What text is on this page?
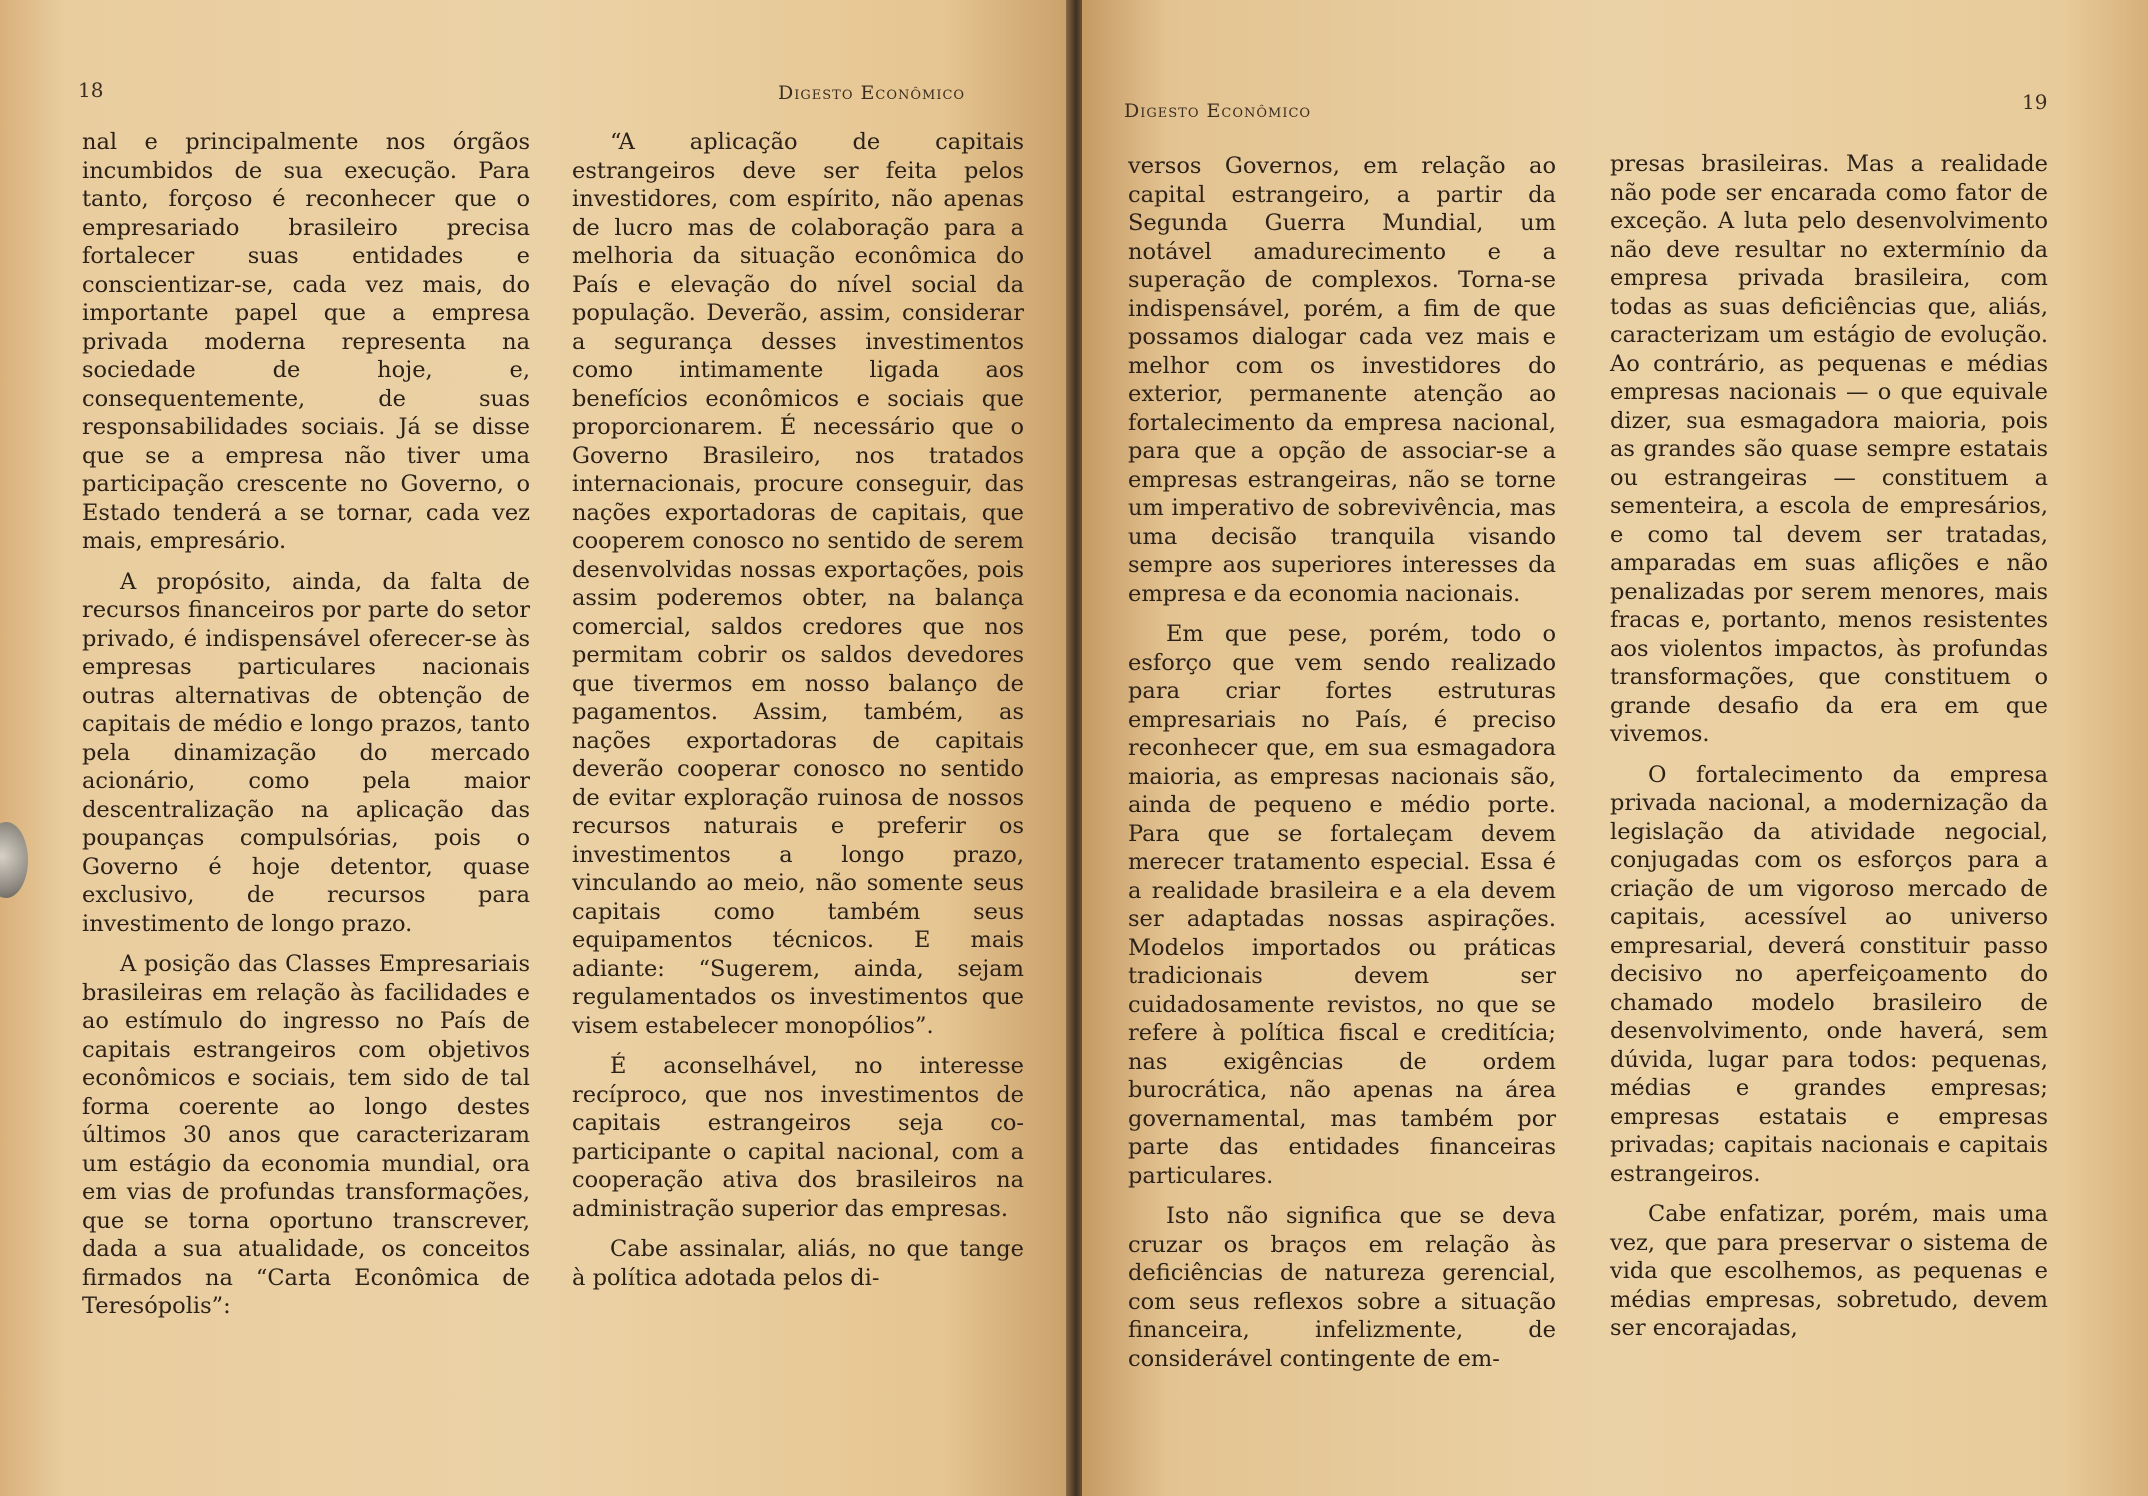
18	Digesto Econômico

nal e principalmente nos órgãos incumbidos de sua execução. Para tanto, forçoso é reconhecer que o empresariado brasileiro precisa fortalecer suas entidades e conscientizar-se, cada vez mais, do importante papel que a empresa privada moderna representa na sociedade de hoje, e, consequentemente, de suas responsabilidades sociais. Já se disse que se a empresa não tiver uma participação crescente no Governo, o Estado tenderá a se tornar, cada vez mais, empresário.

A propósito, ainda, da falta de recursos financeiros por parte do setor privado, é indispensável oferecer-se às empresas particulares nacionais outras alternativas de obtenção de capitais de médio e longo prazos, tanto pela dinamização do mercado acionário, como pela maior descentralização na aplicação das poupanças compulsórias, pois o Governo é hoje detentor, quase exclusivo, de recursos para investimento de longo prazo.

A posição das Classes Empresariais brasileiras em relação às facilidades e ao estímulo do ingresso no País de capitais estrangeiros com objetivos econômicos e sociais, tem sido de tal forma coerente ao longo destes últimos 30 anos que caracterizaram um estágio da economia mundial, ora em vias de profundas transformações, que se torna oportuno transcrever, dada a sua atualidade, os conceitos firmados na “Carta Econômica de Teresópolis”:

“A aplicação de capitais estrangeiros deve ser feita pelos investidores, com espírito, não apenas de lucro mas de colaboração para a melhoria da situação econômica do País e elevação do nível social da população. Deverão, assim, considerar a segurança desses investimentos como intimamente ligada aos benefícios econômicos e sociais que proporcionarem. É necessário que o Governo Brasileiro, nos tratados internacionais, procure conseguir, das nações exportadoras de capitais, que cooperem conosco no sentido de serem desenvolvidas nossas exportações, pois assim poderemos obter, na balança comercial, saldos credores que nos permitam cobrir os saldos devedores que tivermos em nosso balanço de pagamentos. Assim, também, as nações exportadoras de capitais deverão cooperar conosco no sentido de evitar exploração ruinosa de nossos recursos naturais e preferir os investimentos a longo prazo, vinculando ao meio, não somente seus capitais como também seus equipamentos técnicos. E mais adiante: “Sugerem, ainda, sejam regulamentados os investimentos que visem estabelecer monopólios”.

É aconselhável, no interesse recíproco, que nos investimentos de capitais estrangeiros seja co-participante o capital nacional, com a cooperação ativa dos brasileiros na administração superior das empresas.

Cabe assinalar, aliás, no que tange à política adotada pelos di-

Digesto Econômico	19

versos Governos, em relação ao capital estrangeiro, a partir da Segunda Guerra Mundial, um notável amadurecimento e a superação de complexos. Torna-se indispensável, porém, a fim de que possamos dialogar cada vez mais e melhor com os investidores do exterior, permanente atenção ao fortalecimento da empresa nacional, para que a opção de associar-se a empresas estrangeiras, não se torne um imperativo de sobrevivência, mas uma decisão tranquila visando sempre aos superiores interesses da empresa e da economia nacionais.

Em que pese, porém, todo o esforço que vem sendo realizado para criar fortes estruturas empresariais no País, é preciso reconhecer que, em sua esmagadora maioria, as empresas nacionais são, ainda de pequeno e médio porte. Para que se fortaleçam devem merecer tratamento especial. Essa é a realidade brasileira e a ela devem ser adaptadas nossas aspirações. Modelos importados ou práticas tradicionais devem ser cuidadosamente revistos, no que se refere à política fiscal e creditícia; nas exigências de ordem burocrática, não apenas na área governamental, mas também por parte das entidades financeiras particulares.

Isto não significa que se deva cruzar os braços em relação às deficiências de natureza gerencial, com seus reflexos sobre a situação financeira, infelizmente, de considerável contingente de em-

presas brasileiras. Mas a realidade não pode ser encarada como fator de exceção. A luta pelo desenvolvimento não deve resultar no extermínio da empresa privada brasileira, com todas as suas deficiências que, aliás, caracterizam um estágio de evolução. Ao contrário, as pequenas e médias empresas nacionais — o que equivale dizer, sua esmagadora maioria, pois as grandes são quase sempre estatais ou estrangeiras — constituem a sementeira, a escola de empresários, e como tal devem ser tratadas, amparadas em suas aflições e não penalizadas por serem menores, mais fracas e, portanto, menos resistentes aos violentos impactos, às profundas transformações, que constituem o grande desafio da era em que vivemos.

O fortalecimento da empresa privada nacional, a modernização da legislação da atividade negocial, conjugadas com os esforços para a criação de um vigoroso mercado de capitais, acessível ao universo empresarial, deverá constituir passo decisivo no aperfeiçoamento do chamado modelo brasileiro de desenvolvimento, onde haverá, sem dúvida, lugar para todos: pequenas, médias e grandes empresas; empresas estatais e empresas privadas; capitais nacionais e capitais estrangeiros.

Cabe enfatizar, porém, mais uma vez, que para preservar o sistema de vida que escolhemos, as pequenas e médias empresas, sobretudo, devem ser encorajadas,
